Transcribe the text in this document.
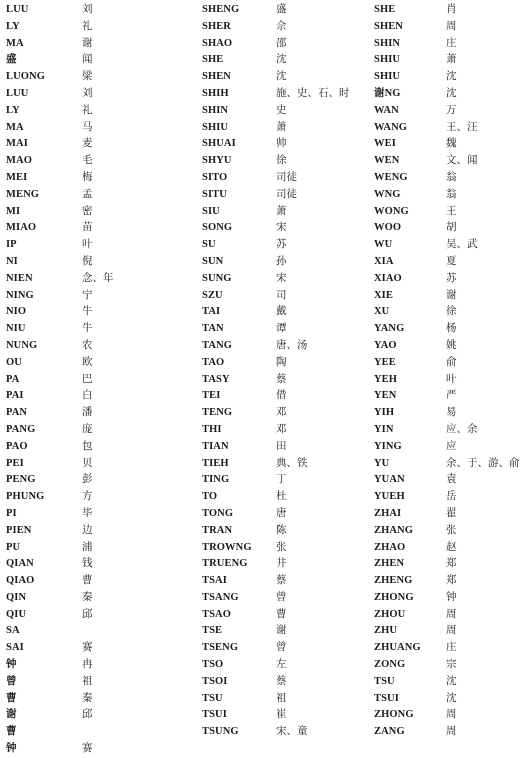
LUU	刘
LY	礼
MA	谢
盛	闻
LUONG	梁
LUU	刘
LY	礼
MA	马
MAI	麦
MAO	毛
MEI	梅
MENG	孟
MI	密
MIAO	苗
IP	叶
NI	倪
NIEN	念、年
NING	宁
NIO	牛
NIU	牛
NUNG	农
OU	欧
PA	巴
PAI	白
PAN	潘
PANG	庞
PAO	包
PEI	贝
PENG	彭
PHUNG	方
PI	毕
PIEN	边
PU	浦
QIAN	钱
QIAO	曹
QIN	秦
QIU	邱
SA
SAI	赛
钟	冉
曾	祖
曹	秦
谢	邱
曹
钟	赛
SHENG	盛
SHER	佘
SHAO	邵
SHE	沈
SHEN	沈
SHIH	施、史、石、时
SHIN	史
SHIU	萧
SHUAI	帅
SHYU	徐
SITO	司徒
SITU	司徒
SIU	萧
SONG	宋
SU	苏
SUN	孙
SUNG	宋
SZU	司
TAI	戴
TAN	谭
TANG	唐、汤
TAO	陶
TASY	蔡
TEI	借
TENG	邓
THI	邓
TIAN	田
TIEH	典、铁
TING	丁
TO	杜
TONG	唐
TRAN	陈
TROWNG 张
TRUENG	井
TSAI	蔡
TSANG	曾
TSAO	曹
TSE	谢
TSENG	曾
TSO	左
TSOI	蔡
TSU	祖
TSUI	崔
TSUNG	宋、童
SHE	肖
SHEN	周
SHIN	庄
SHIU	萧
SHIU	沈
谢NG	沈
WAN	万
WANG	王、汪
WEI	魏
WEN	文、闻
WENG	翁
WNG	翁
WONG	王
WOO	胡
WU	吴、武
XIA	夏
XIAO	苏
XIE	谢
XU	徐
YANG	杨
YAO	姚
YEE	俞
YEH	叶
YEN	严
YIH	易
YIN	应、余
YING	应
YU	余、于、游、俞
YUAN	袁
YUEH	岳
ZHAI	翟
ZHANG	张
ZHAO	赵
ZHEN	郑
ZHENG	郑
ZHONG	钟
ZHOU	周
ZHU	周
ZHUANG 庄
ZONG	宗
TSU	沈
TSUI	沈
ZHONG	周
ZANG	周
